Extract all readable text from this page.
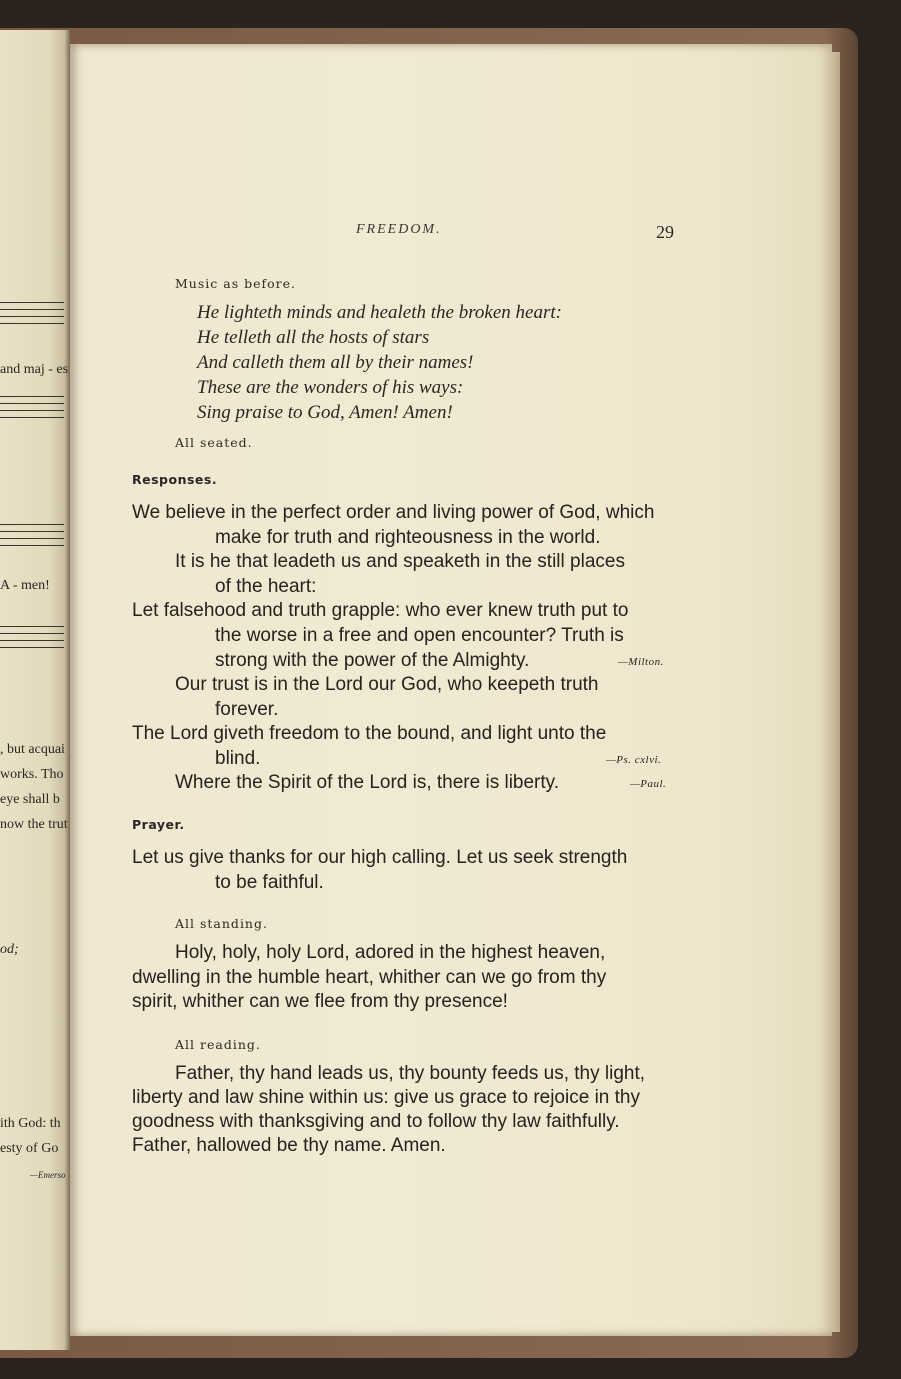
and maj - es
A - men!
, but acquai
works. Tho
eye shall b
now the trut
od;
ith God: th
esty of Go
—Emerso
FREEDOM.	29
Music as before.
He lighteth minds and healeth the broken heart:
He telleth all the hosts of stars
And calleth them all by their names!
These are the wonders of his ways:
Sing praise to God, Amen! Amen!
All seated.
Responses.
We believe in the perfect order and living power of God, which
make for truth and righteousness in the world.
It is he that leadeth us and speaketh in the still places
of the heart:
Let falsehood and truth grapple: who ever knew truth put to
the worse in a free and open encounter? Truth is
strong with the power of the Almighty.	—Milton.
Our trust is in the Lord our God, who keepeth truth
forever.
The Lord giveth freedom to the bound, and light unto the
blind.	—Ps. cxlvi.
Where the Spirit of the Lord is, there is liberty.	—Paul.
Prayer.
Let us give thanks for our high calling. Let us seek strength
to be faithful.
All standing.
Holy, holy, holy Lord, adored in the highest heaven,
dwelling in the humble heart, whither can we go from thy
spirit, whither can we flee from thy presence!
All reading.
Father, thy hand leads us, thy bounty feeds us, thy light,
liberty and law shine within us: give us grace to rejoice in thy
goodness with thanksgiving and to follow thy law faithfully.
Father, hallowed be thy name. Amen.
